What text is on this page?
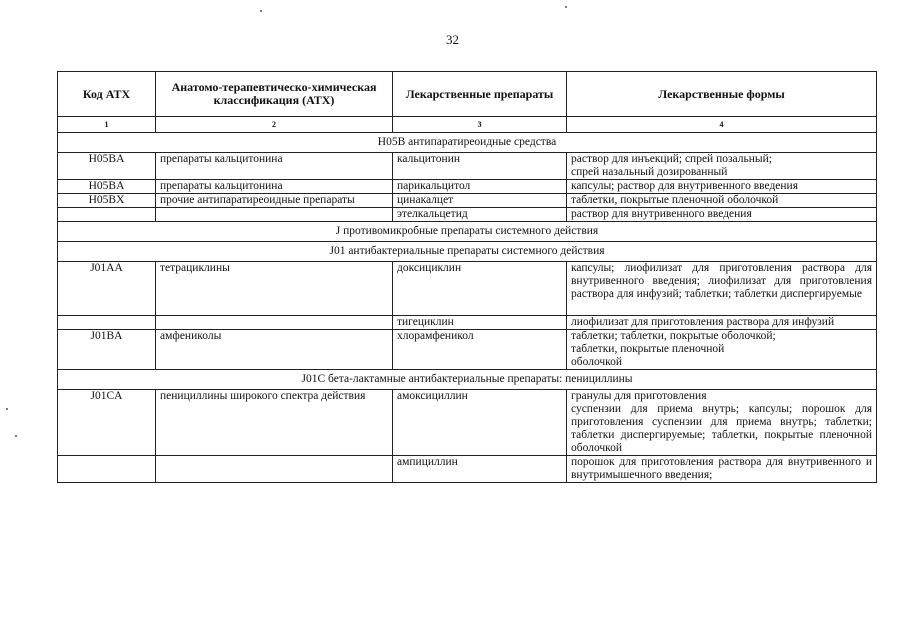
32
Код ATX	Анатомо-терапевтическо-химическая классификация (АТХ)	Лекарственные препараты	Лекарственные формы
1	2	3	4
H05B антипаратиреоидные средства			
H05BA	препараты кальцитонина	кальцитонин	раствор для инъекций; спрей позальный;
спрей назальный дозированный
H05BA	препараты кальцитонина	парикальцитол	капсулы; раствор для внутривенного введения
H05BX	прочие антипаратиреоидные препараты	цинакалцет	таблетки, покрытые пленочной оболочкой
		этелкальцетид	раствор для внутривенного введения
J противомикробные препараты системного действия			
J01 антибактериальные препараты системного действия			
J01AA	тетрациклины	доксициклин	капсулы; лиофилизат для приготовления раствора для внутривенного введения; лиофилизат для приготовления раствора для инфузий; таблетки; таблетки диспергируемые

		тигециклин	лиофилизат для приготовления раствора для инфузий
J01BA	амфениколы	хлорамфеникол	таблетки; таблетки, покрытые оболочкой;
таблетки, покрытые пленочной
оболочкой
J01C бета-лактамные антибактериальные препараты: пенициллины			
J01CA	пенициллины широкого спектра действия	амоксициллин	гранулы для приготовления
суспензии для приема внутрь; капсулы; порошок для приготовления суспензии для приема внутрь; таблетки; таблетки диспергируемые; таблетки, покрытые пленочной оболочкой
		ампициллин	порошок для приготовления раствора для внутривенного и внутримышечного введения;
